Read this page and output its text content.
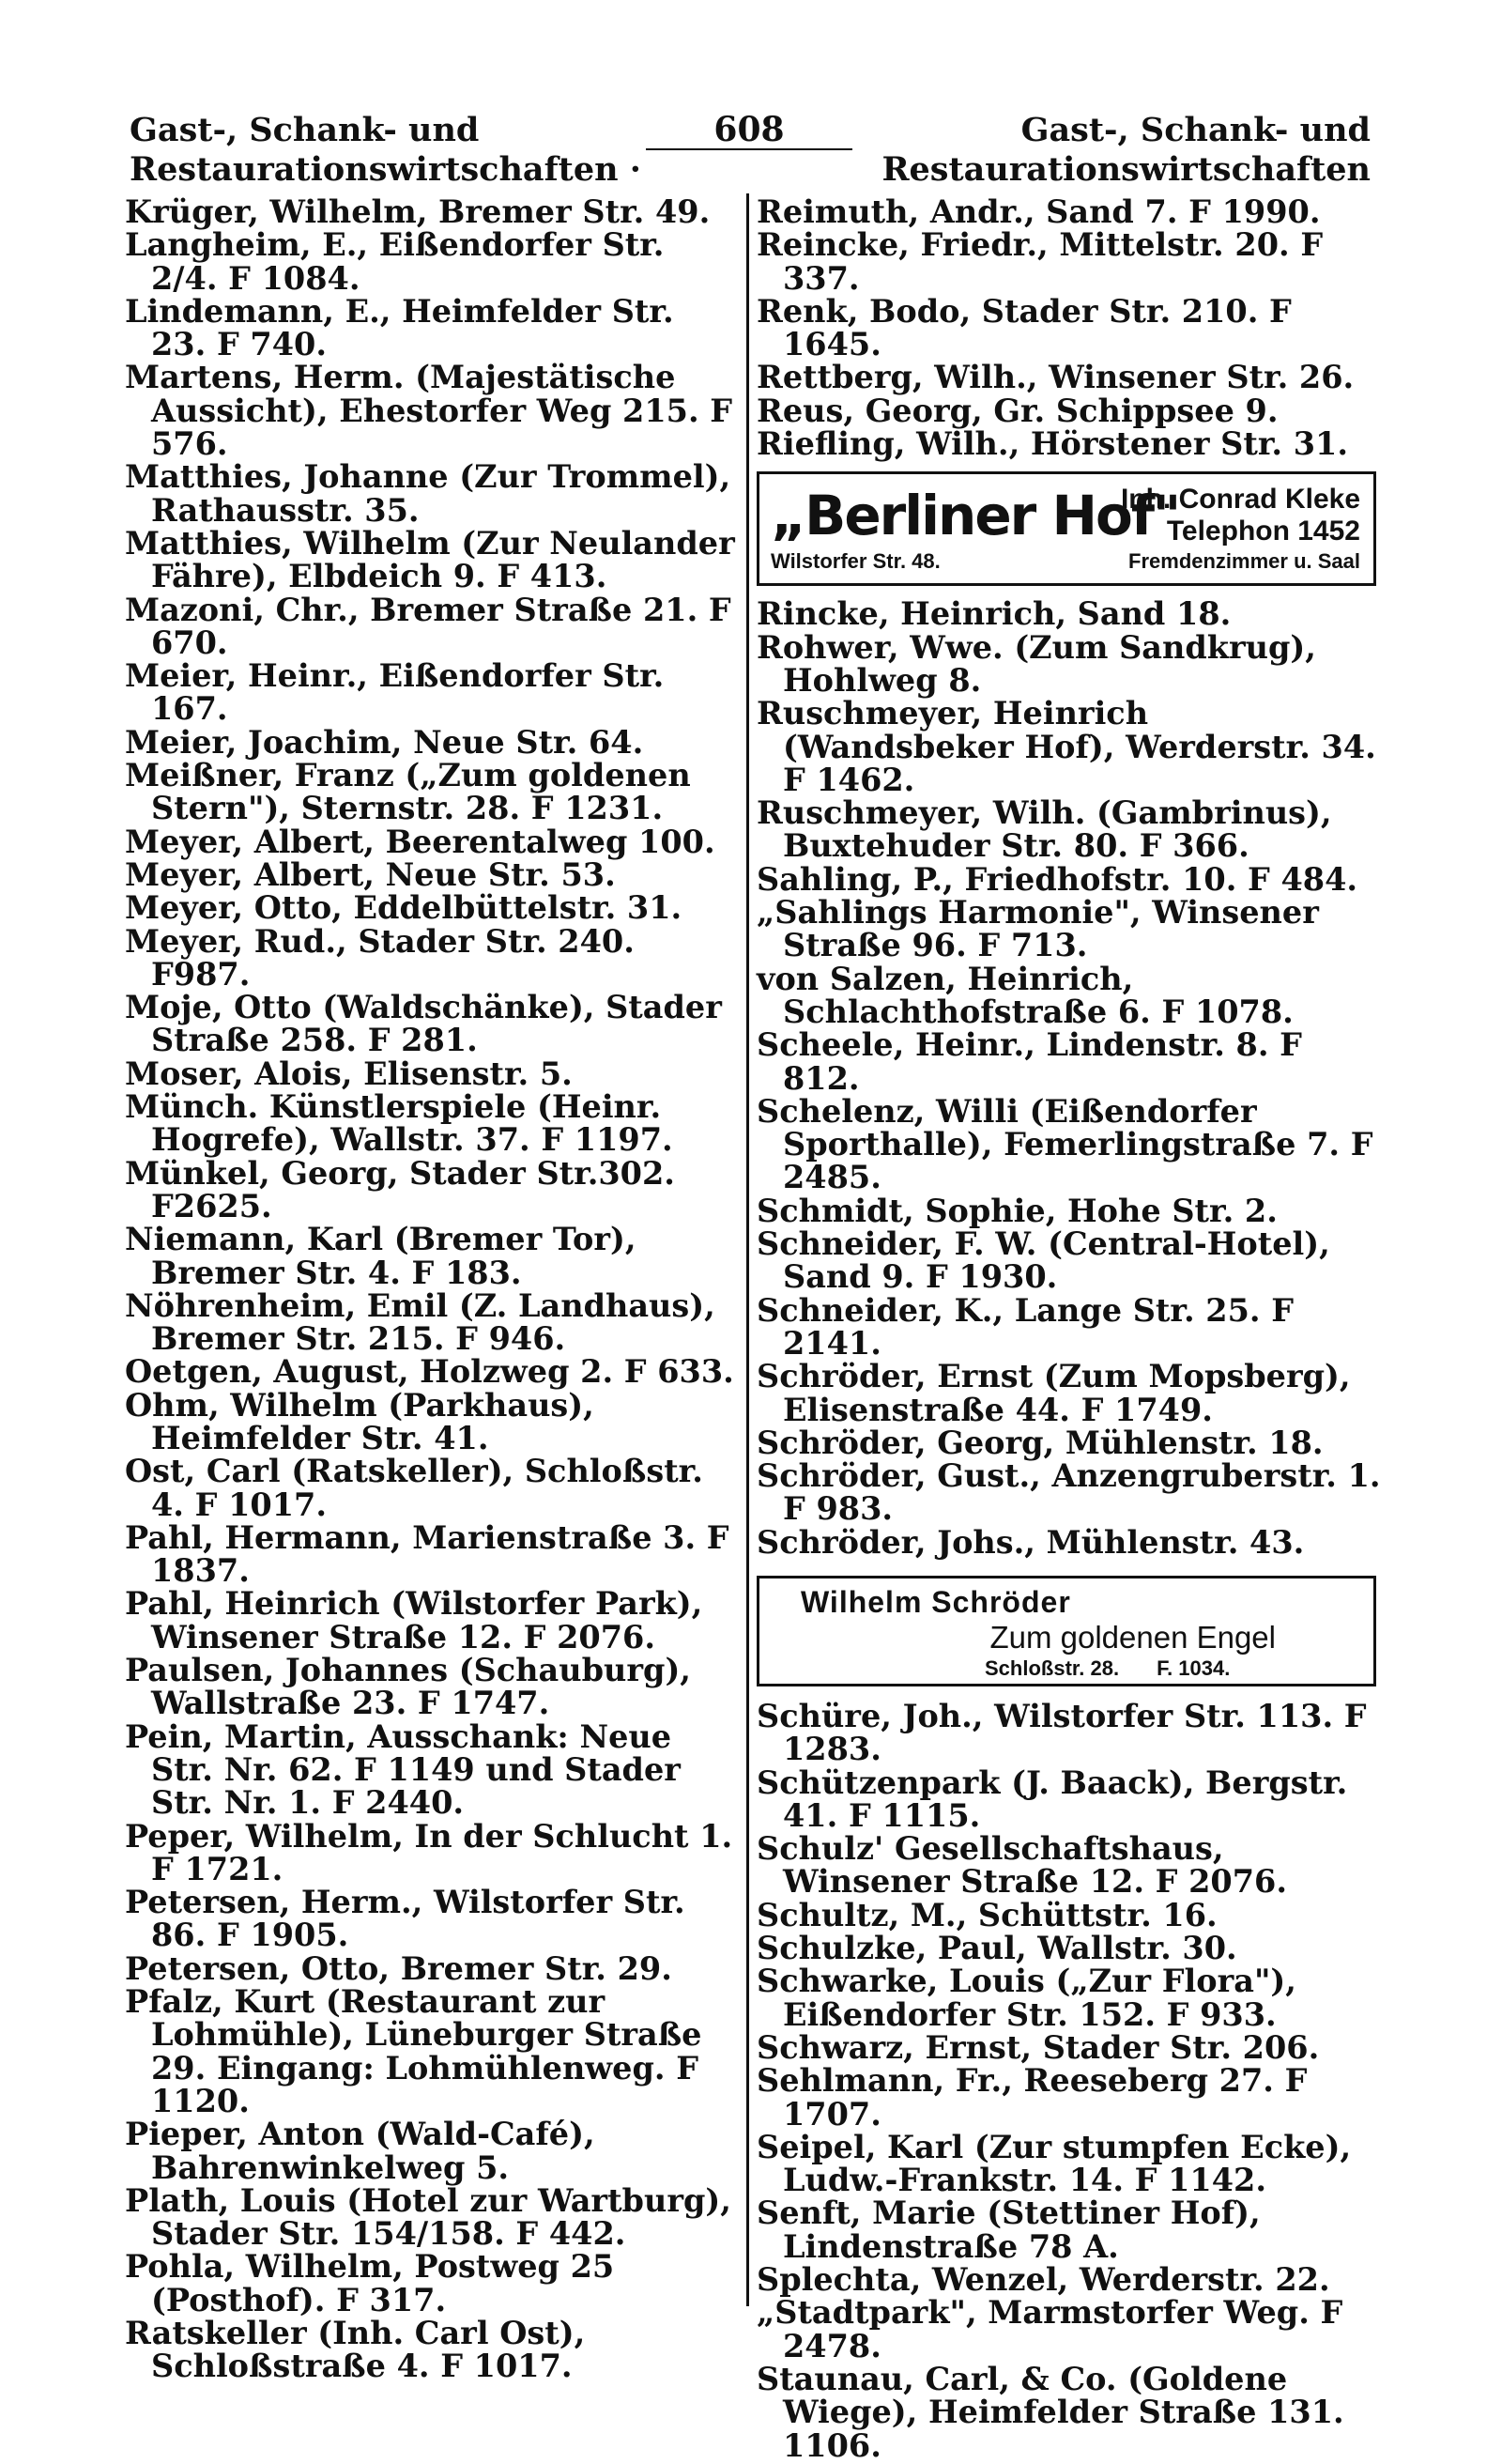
Gast-, Schank- und
Restaurationswirtschaften ·
608	Gast-, Schank- und
Restaurationswirtschaften

Krüger, Wilhelm, Bremer Str. 49.

Langheim, E., Eißendorfer Str. 2/4. F 1084.

Lindemann, E., Heimfelder Str. 23. F 740.

Martens, Herm. (Majestätische Aussicht), Ehestorfer Weg 215. F 576.

Matthies, Johanne (Zur Trommel), Rathausstr. 35.

Matthies, Wilhelm (Zur Neulander Fähre), Elbdeich 9. F 413.

Mazoni, Chr., Bremer Straße 21. F 670.

Meier, Heinr., Eißendorfer Str. 167.

Meier, Joachim, Neue Str. 64.

Meißner, Franz („Zum goldenen Stern"), Sternstr. 28. F 1231.

Meyer, Albert, Beerentalweg 100.

Meyer, Albert, Neue Str. 53.

Meyer, Otto, Eddelbüttelstr. 31.

Meyer, Rud., Stader Str. 240. F987.

Moje, Otto (Waldschänke), Stader Straße 258. F 281.

Moser, Alois, Elisenstr. 5.

Münch. Künstlerspiele (Heinr. Hogrefe), Wallstr. 37. F 1197.

Münkel, Georg, Stader Str.302. F2625.

Niemann, Karl (Bremer Tor), Bremer Str. 4. F 183.

Nöhrenheim, Emil (Z. Landhaus), Bremer Str. 215. F 946.

Oetgen, August, Holzweg 2. F 633.

Ohm, Wilhelm (Parkhaus), Heimfelder Str. 41.

Ost, Carl (Ratskeller), Schloßstr. 4. F 1017.

Pahl, Hermann, Marienstraße 3. F 1837.

Pahl, Heinrich (Wilstorfer Park), Winsener Straße 12. F 2076.

Paulsen, Johannes (Schauburg), Wallstraße 23. F 1747.

Pein, Martin, Ausschank: Neue Str. Nr. 62. F 1149 und Stader Str. Nr. 1. F 2440.

Peper, Wilhelm, In der Schlucht 1. F 1721.

Petersen, Herm., Wilstorfer Str. 86. F 1905.

Petersen, Otto, Bremer Str. 29.

Pfalz, Kurt (Restaurant zur Lohmühle), Lüneburger Straße 29. Eingang: Lohmühlenweg. F 1120.

Pieper, Anton (Wald-Café), Bahrenwinkelweg 5.

Plath, Louis (Hotel zur Wartburg), Stader Str. 154/158. F 442.

Pohla, Wilhelm, Postweg 25 (Posthof). F 317.

Ratskeller (Inh. Carl Ost), Schloßstraße 4. F 1017.

Reimuth, Andr., Sand 7. F 1990.

Reincke, Friedr., Mittelstr. 20. F 337.

Renk, Bodo, Stader Str. 210. F 1645.

Rettberg, Wilh., Winsener Str. 26.

Reus, Georg, Gr. Schippsee 9.

Riefling, Wilh., Hörstener Str. 31.

„Berliner Hof"
Inh. Conrad Kleke
Telephon 1452
Wilstorfer Str. 48.	Fremdenzimmer u. Saal

Rincke, Heinrich, Sand 18.

Rohwer, Wwe. (Zum Sandkrug), Hohlweg 8.

Ruschmeyer, Heinrich (Wandsbeker Hof), Werderstr. 34. F 1462.

Ruschmeyer, Wilh. (Gambrinus), Buxtehuder Str. 80. F 366.

Sahling, P., Friedhofstr. 10. F 484.

„Sahlings Harmonie", Winsener Straße 96. F 713.

von Salzen, Heinrich, Schlachthofstraße 6. F 1078.

Scheele, Heinr., Lindenstr. 8. F 812.

Schelenz, Willi (Eißendorfer Sporthalle), Femerlingstraße 7. F 2485.

Schmidt, Sophie, Hohe Str. 2.

Schneider, F. W. (Central-Hotel), Sand 9. F 1930.

Schneider, K., Lange Str. 25. F 2141.

Schröder, Ernst (Zum Mopsberg), Elisenstraße 44. F 1749.

Schröder, Georg, Mühlenstr. 18.

Schröder, Gust., Anzengruberstr. 1. F 983.

Schröder, Johs., Mühlenstr. 43.

Wilhelm Schröder
Zum goldenen Engel
Schloßstr. 28. F. 1034.

Schüre, Joh., Wilstorfer Str. 113. F 1283.

Schützenpark (J. Baack), Bergstr. 41. F 1115.

Schulz' Gesellschaftshaus, Winsener Straße 12. F 2076.

Schultz, M., Schüttstr. 16.

Schulzke, Paul, Wallstr. 30.

Schwarke, Louis („Zur Flora"), Eißendorfer Str. 152. F 933.

Schwarz, Ernst, Stader Str. 206.

Sehlmann, Fr., Reeseberg 27. F 1707.

Seipel, Karl (Zur stumpfen Ecke), Ludw.-Frankstr. 14. F 1142.

Senft, Marie (Stettiner Hof), Lindenstraße 78 A.

Splechta, Wenzel, Werderstr. 22.

„Stadtpark", Marmstorfer Weg. F 2478.

Staunau, Carl, & Co. (Goldene Wiege), Heimfelder Straße 131. 1106.
